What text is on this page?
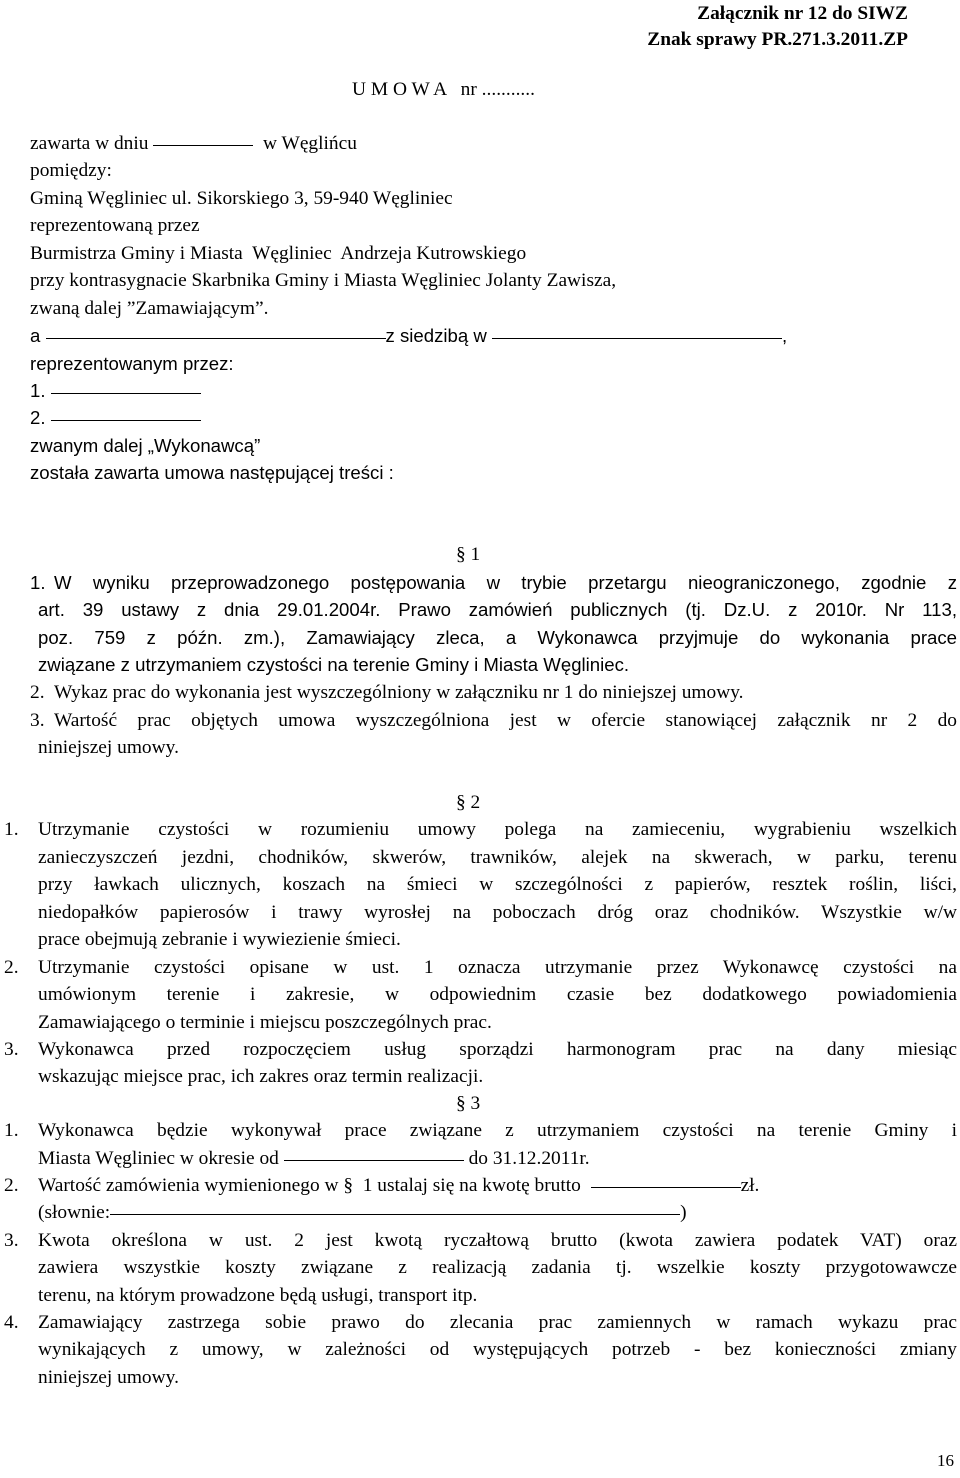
Załącznik nr 12 do SIWZ
Znak sprawy PR.271.3.2011.ZP
U M O W A   nr ...........
zawarta w dniu	w Węglińcu
pomiędzy:
Gminą Węgliniec ul. Sikorskiego 3, 59-940 Węgliniec
reprezentowaną przez
Burmistrza Gminy i Miasta  Węgliniec  Andrzeja Kutrowskiego
przy kontrasygnacie Skarbnika Gminy i Miasta Węgliniec Jolanty Zawisza,
zwaną dalej ”Zamawiającym”.
a	z siedzibą w	,
reprezentowanym przez:
1.
2.
zwanym dalej „Wykonawcą”
została zawarta umowa następującej treści :
§ 1
1. W wyniku przeprowadzonego postępowania w trybie przetargu nieograniczonego, zgodnie z
art. 39 ustawy z dnia 29.01.2004r. Prawo zamówień publicznych (tj. Dz.U. z 2010r. Nr 113,
poz. 759 z późn. zm.), Zamawiający zleca, a Wykonawca przyjmuje do wykonania prace
związane z utrzymaniem czystości na terenie Gminy i Miasta Węgliniec.
2. Wykaz prac do wykonania jest wyszczególniony w załączniku nr 1 do niniejszej umowy.
3. Wartość prac objętych umowa wyszczególniona jest w ofercie stanowiącej załącznik nr 2 do
niniejszej umowy.
§ 2
1. Utrzymanie czystości w rozumieniu umowy polega na zamieceniu, wygrabieniu wszelkich
zanieczyszczeń jezdni, chodników, skwerów, trawników, alejek na skwerach, w parku, terenu
przy ławkach ulicznych, koszach na śmieci w szczególności z papierów, resztek roślin, liści,
niedopałków papierosów i trawy wyrosłej na poboczach dróg oraz chodników. Wszystkie w/w
prace obejmują zebranie i wywiezienie śmieci.
2. Utrzymanie czystości opisane w ust. 1 oznacza utrzymanie przez Wykonawcę czystości na
umówionym terenie i zakresie, w odpowiednim czasie bez dodatkowego powiadomienia
Zamawiającego o terminie i miejscu poszczególnych prac.
3. Wykonawca przed rozpoczęciem usług sporządzi harmonogram prac na dany miesiąc
wskazując miejsce prac, ich zakres oraz termin realizacji.
§ 3
1. Wykonawca będzie wykonywał prace związane z utrzymaniem czystości na terenie Gminy i
Miasta Węgliniec w okresie od	do 31.12.2011r.
2. Wartość zamówienia wymienionego w §  1 ustalaj się na kwotę brutto	zł.
(słownie:	)
3. Kwota określona w ust. 2 jest kwotą ryczałtową brutto (kwota zawiera podatek VAT) oraz
zawiera wszystkie koszty związane z realizacją zadania tj. wszelkie koszty przygotowawcze
terenu, na którym prowadzone będą usługi, transport itp.
4. Zamawiający zastrzega sobie prawo do zlecania prac zamiennych w ramach wykazu prac
wynikających z umowy, w zależności od występujących potrzeb - bez konieczności zmiany
niniejszej umowy.
16
